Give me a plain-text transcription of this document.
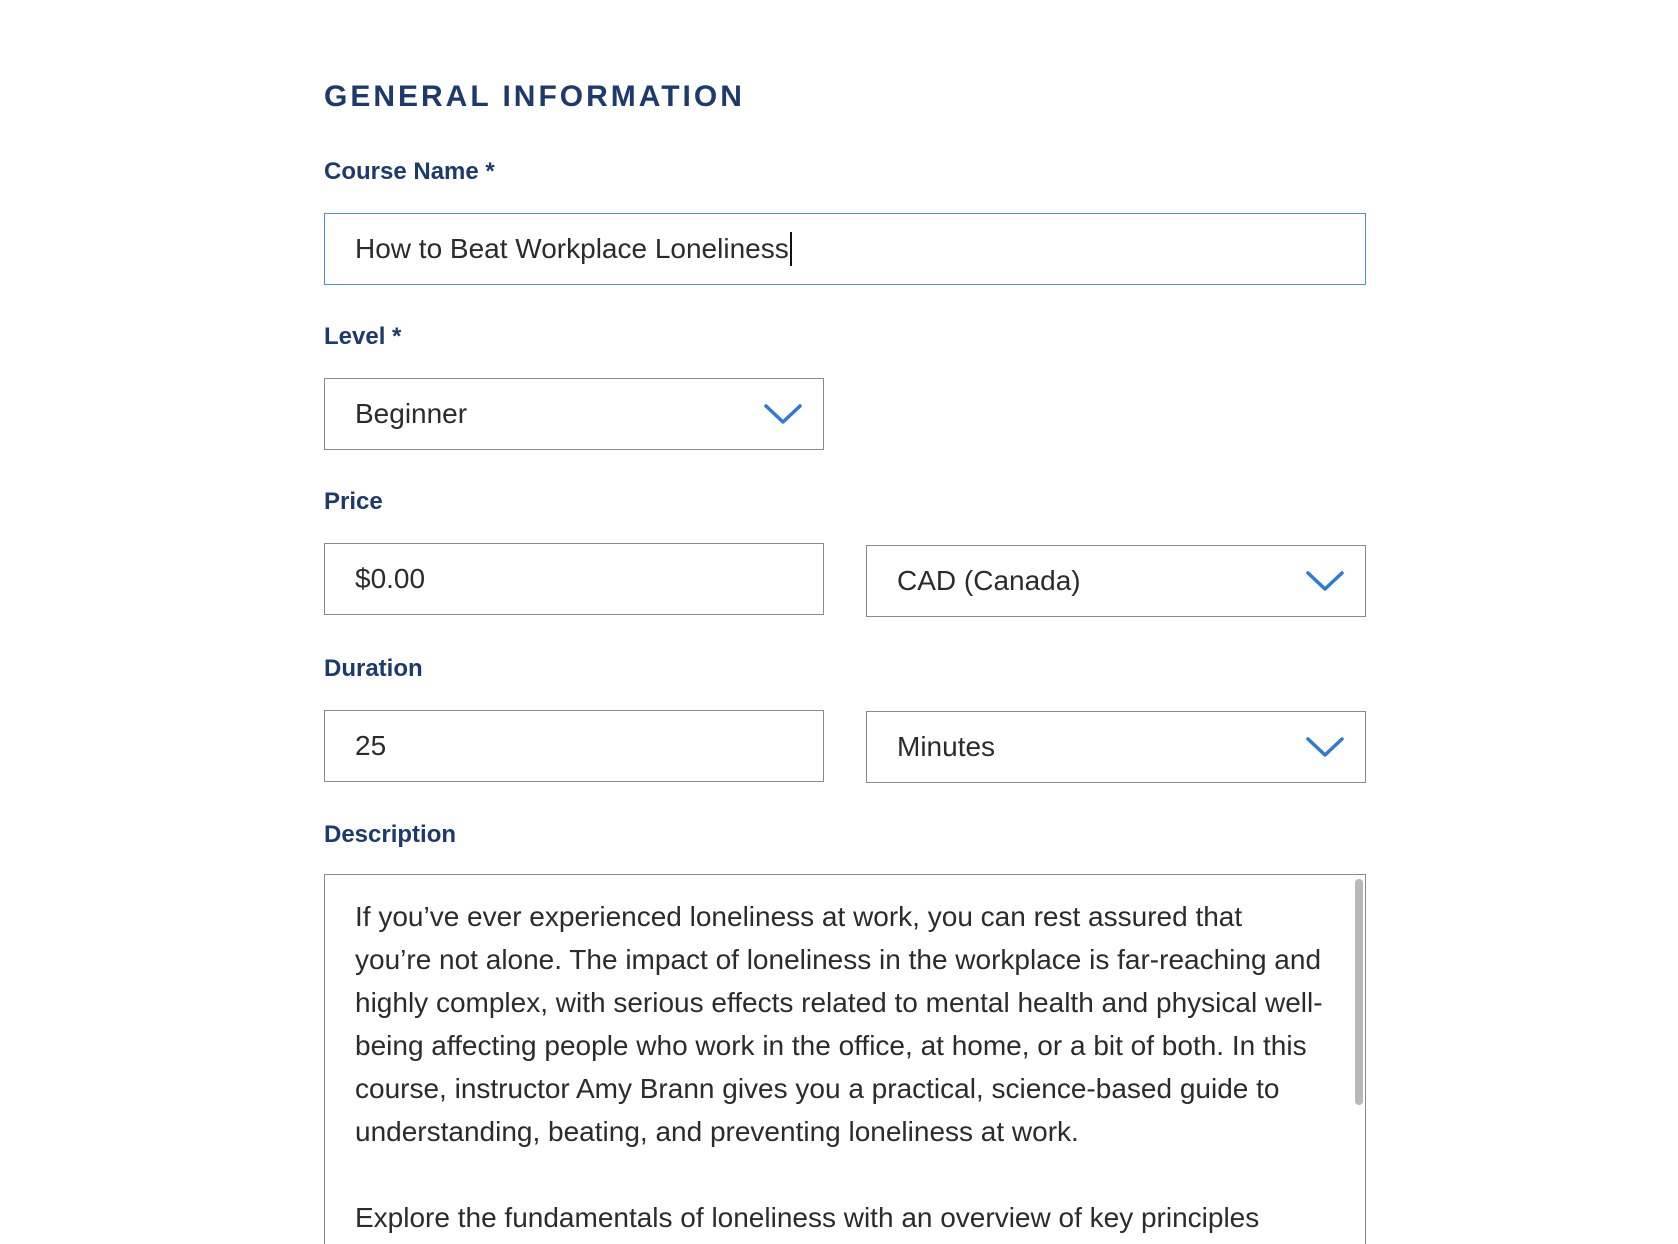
GENERAL INFORMATION
Course Name *
How to Beat Workplace Loneliness
Level *
Beginner
Price
$0.00	CAD (Canada)
Duration
25	Minutes
Description

If you’ve ever experienced loneliness at work, you can rest assured that you’re not alone. The impact of loneliness in the workplace is far-reaching and highly complex, with serious effects related to mental health and physical well-being affecting people who work in the office, at home, or a bit of both. In this course, instructor Amy Brann gives you a practical, science-based guide to understanding, beating, and preventing loneliness at work.

Explore the fundamentals of loneliness with an overview of key principles
